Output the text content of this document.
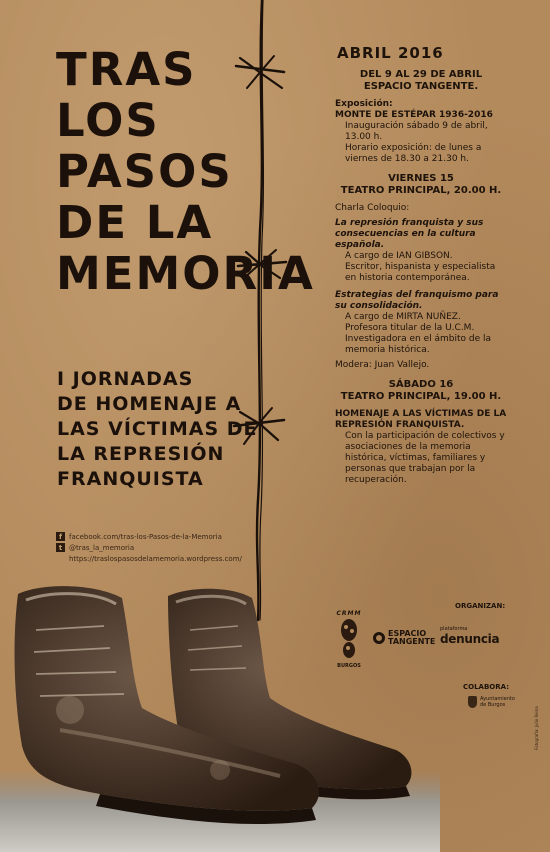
TRAS
LOS
PASOS
DE LA
MEMORIA
I JORNADAS
DE HOMENAJE A
LAS VÍCTIMAS DE
LA REPRESIÓN
FRANQUISTA
f facebook.com/tras-los-Pasos-de-la-Memoria
t @tras_la_memoria
https://traslospasosdelamemoria.wordpress.com/
ABRIL 2016
DEL 9 AL 29 DE ABRIL
ESPACIO TANGENTE.
Exposición:
MONTE DE ESTÉPAR 1936-2016
Inauguración sábado 9 de abril, 13.00 h.
Horario exposición: de lunes a viernes de 18.30 a 21.30 h.
VIERNES 15
TEATRO PRINCIPAL, 20.00 H.
Charla Coloquio:
La represión franquista y sus consecuencias en la cultura española.
A cargo de IAN GIBSON.
Escritor, hispanista y especialista en historia contemporánea.
Estrategias del franquismo para su consolidación.
A cargo de MIRTA NUÑEZ.
Profesora titular de la U.C.M. Investigadora en el ámbito de la memoria histórica.
Modera: Juan Vallejo.
SÁBADO 16
TEATRO PRINCIPAL, 19.00 H.
HOMENAJE A LAS VÍCTIMAS DE LA REPRESIÓN FRANQUISTA.
Con la participación de colectivos y asociaciones de la memoria histórica, víctimas, familiares y personas que trabajan por la recuperación.
ORGANIZAN:
CRMM
BURGOS
ESPACIO
TANGENTE
plataforma
denuncia
COLABORA:
Ayuntamiento
de Burgos
Fotografía: Julio Reina
